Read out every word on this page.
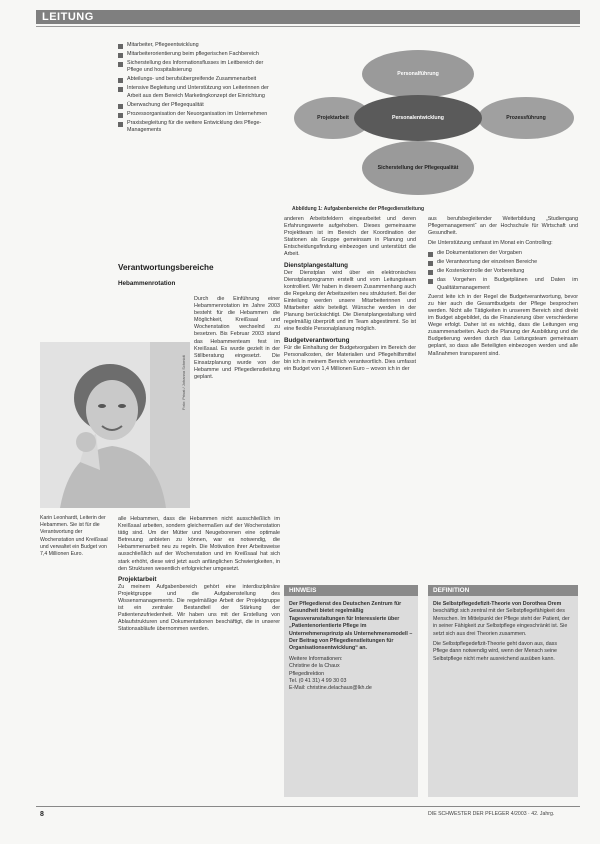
LEITUNG
Mitarbeiter, Pflegeentwicklung
Mitarbeiterorientierung beim pflegerischen Fachbereich
Sicherstellung des Informationsflusses im Leitbereich der Pflege und hospitalisierung
Abteilungs- und berufsübergreifende Zusammenarbeit
Intensive Begleitung und Unterstützung von Leiterinnen der Arbeit aus dem Bereich Marketingkonzept der Einrichtung
Überwachung der Pflegequalität
Prozessorganisation der Neuorganisation im Unternehmen
Praxisbegleitung für die weitere Entwicklung des Pflege-Managements
Personalführung
Projektarbeit	Prozessführung
Sicherstellung der Pflegequalität
Personalentwicklung
Abbildung 1: Aufgabenbereiche der Pflegedienstleitung
Verantwortungsbereiche
Hebammenrotation

Durch die Einführung einer Hebammenrotation im Jahre 2003 besteht für die Hebammen die Möglichkeit, Kreißsaal und Wochenstation wechselnd zu besetzen. Bis Februar 2003 stand das Hebammenteam fest im Kreißsaal. Es wurde gezielt in der Stillberatung eingesetzt. Die Einsatzplanung wurde von der Hebamme und Pflegedienstleitung geplant.

alle Hebammen, dass die Hebammen nicht ausschließlich im Kreißsaal arbeiten, sondern gleichermaßen auf der Wochenstation tätig sind. Um der Mütter und Neugeborenen eine optimale Betreuung anbieten zu können, war es notwendig, die Hebammenarbeit neu zu regeln. Die Motivation ihrer Arbeitsweise ausschließlich auf der Wochenstation und im Kreißsaal hat sich stark erhöht, diese wird jetzt auch anfänglichen Schwierigkeiten, in den Strukturen wesentlich erfolgreicher umgesetzt.

Projektarbeit

Zu meinem Aufgabenbereich gehört eine interdisziplinäre Projektgruppe und die Aufgabenstellung des Wissensmanagements. Die regelmäßige Arbeit der Projektgruppe ist ein zentraler Bestandteil der Stärkung der Patientenzufriedenheit. Wir haben uns mit der Erstellung von Ablaufstrukturen und Dokumentationen beschäftigt, die in unserer Stationsabläufe übernommen werden.

Foto: Privat / Johanna Schmidt
Karin Leonhardt, Leiterin der Hebammen. Sie ist für die Verantwortung der Wochenstation und Kreißsaal und verwaltet ein Budget von 7,4 Millionen Euro.

anderen Arbeitsfeldern eingearbeitet und deren Erfahrungswerte aufgehoben. Dieses gemeinsame Projektteam ist im Bereich der Koordination der Stationen als Gruppe gemeinsam in Planung und Entscheidungsfindung einbezogen und unterstützt die Arbeit.

Dienstplangestaltung

Der Dienstplan wird über ein elektronisches Dienstplanprogramm erstellt und vom Leitungsteam kontrolliert. Wir haben in diesem Zusammenhang auch die Regelung der Arbeitszeiten neu strukturiert. Bei der Einteilung werden unsere Mitarbeiterinnen und Mitarbeiter aktiv beteiligt. Wünsche werden in der Planung berücksichtigt. Die Dienstplangestaltung wird regelmäßig überprüft und im Team abgestimmt. So ist eine flexible Personalplanung möglich.

Budgetverantwortung

Für die Einhaltung der Budgetvorgaben im Bereich der Personalkosten, der Materialien und Pflegehilfsmittel bin ich in meinem Bereich verantwortlich. Dies umfasst ein Budget von 1,4 Millionen Euro – wovon ich in der

aus berufsbegleitender Weiterbildung „Studiengang Pflegemanagement“ an der Hochschule für Wirtschaft und Gesundheit.

Die Unterstützung umfasst im Monat ein Controlling:

die Dokumentationen der Vorgaben
die Verantwortung der einzelnen Bereiche
die Kostenkontrolle der Vorbereitung
das Vorgehen in Budgetplänen und Daten im Qualitätsmanagement

Zuerst leite ich in der Regel die Budgetverantwortung, bevor zu hier auch die Gesamtbudgets der Pflege besprochen werden. Nicht alle Tätigkeiten in unserem Bereich sind direkt im Budget abgebildet, da die Finanzierung über verschiedene Wege erfolgt. Daher ist es wichtig, dass die Leitungen eng zusammenarbeiten. Auch die Planung der Ausbildung und die Budgetierung werden durch das Leitungsteam gemeinsam geplant, so dass alle Beteiligten einbezogen werden und alle Maßnahmen transparent sind.

HINWEIS
Der Pflegedienst des Deutschen Zentrum für Gesundheit bietet regelmäßig Tagesveranstaltungen für Interessierte über „Patientenorientierte Pflege im Unternehmensprinzip als Unternehmensmodell – Der Beitrag von Pflegedienstleitungen für Organisationsentwicklung“ an.
Weitere Informationen:
Christine de la Chaux
Pflegedirektion
Tel. (0 41 31) 4 99 30 03
E-Mail: christine.delachaux@lkh.de
DEFINITION
Die Selbstpflegedefizit-Theorie von Dorothea Orem
beschäftigt sich zentral mit der Selbstpflegefähigkeit des Menschen. Im Mittelpunkt der Pflege steht der Patient, der in seiner Fähigkeit zur Selbstpflege eingeschränkt ist. Sie setzt sich aus drei Theorien zusammen.
Die Selbstpflegedefizit-Theorie geht davon aus, dass Pflege dann notwendig wird, wenn der Mensch seine Selbstpflege nicht mehr ausreichend ausüben kann.
8	DIE SCHWESTER DER PFLEGER 4/2003 · 42. Jahrg.
